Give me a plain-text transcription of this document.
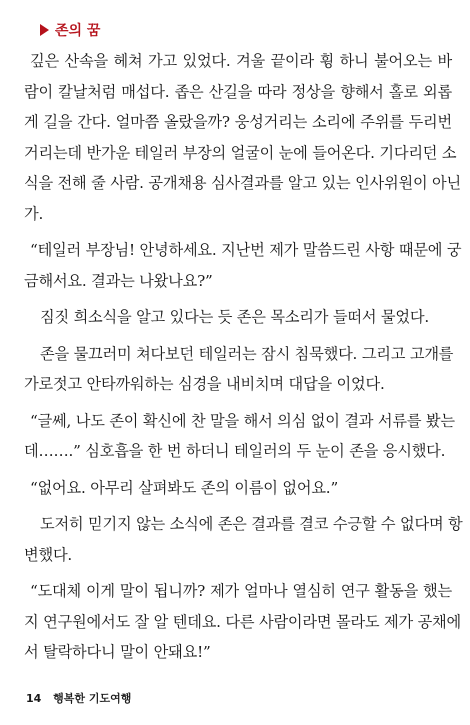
존의 꿈
깊은 산속을 헤쳐 가고 있었다. 겨울 끝이라 휭 하니 불어오는 바
람이 칼날처럼 매섭다. 좁은 산길을 따라 정상을 향해서 홀로 외롭
게 길을 간다. 얼마쯤 올랐을까? 웅성거리는 소리에 주위를 두리번
거리는데 반가운 테일러 부장의 얼굴이 눈에 들어온다. 기다리던 소
식을 전해 줄 사람. 공개채용 심사결과를 알고 있는 인사위원이 아닌
가.
“테일러 부장님! 안녕하세요. 지난번 제가 말씀드린 사항 때문에 궁
금해서요. 결과는 나왔나요?”
짐짓 희소식을 알고 있다는 듯 존은 목소리가 들떠서 물었다.
존을 물끄러미 쳐다보던 테일러는 잠시 침묵했다. 그리고 고개를
가로젓고 안타까워하는 심경을 내비치며 대답을 이었다.
“글쎄, 나도 존이 확신에 찬 말을 해서 의심 없이 결과 서류를 봤는
데…….” 심호흡을 한 번 하더니 테일러의 두 눈이 존을 응시했다.
“없어요. 아무리 살펴봐도 존의 이름이 없어요.”
도저히 믿기지 않는 소식에 존은 결과를 결코 수긍할 수 없다며 항
변했다.
“도대체 이게 말이 됩니까? 제가 얼마나 열심히 연구 활동을 했는
지 연구원에서도 잘 알 텐데요. 다른 사람이라면 몰라도 제가 공채에
서 탈락하다니 말이 안돼요!”
14 행복한 기도여행
